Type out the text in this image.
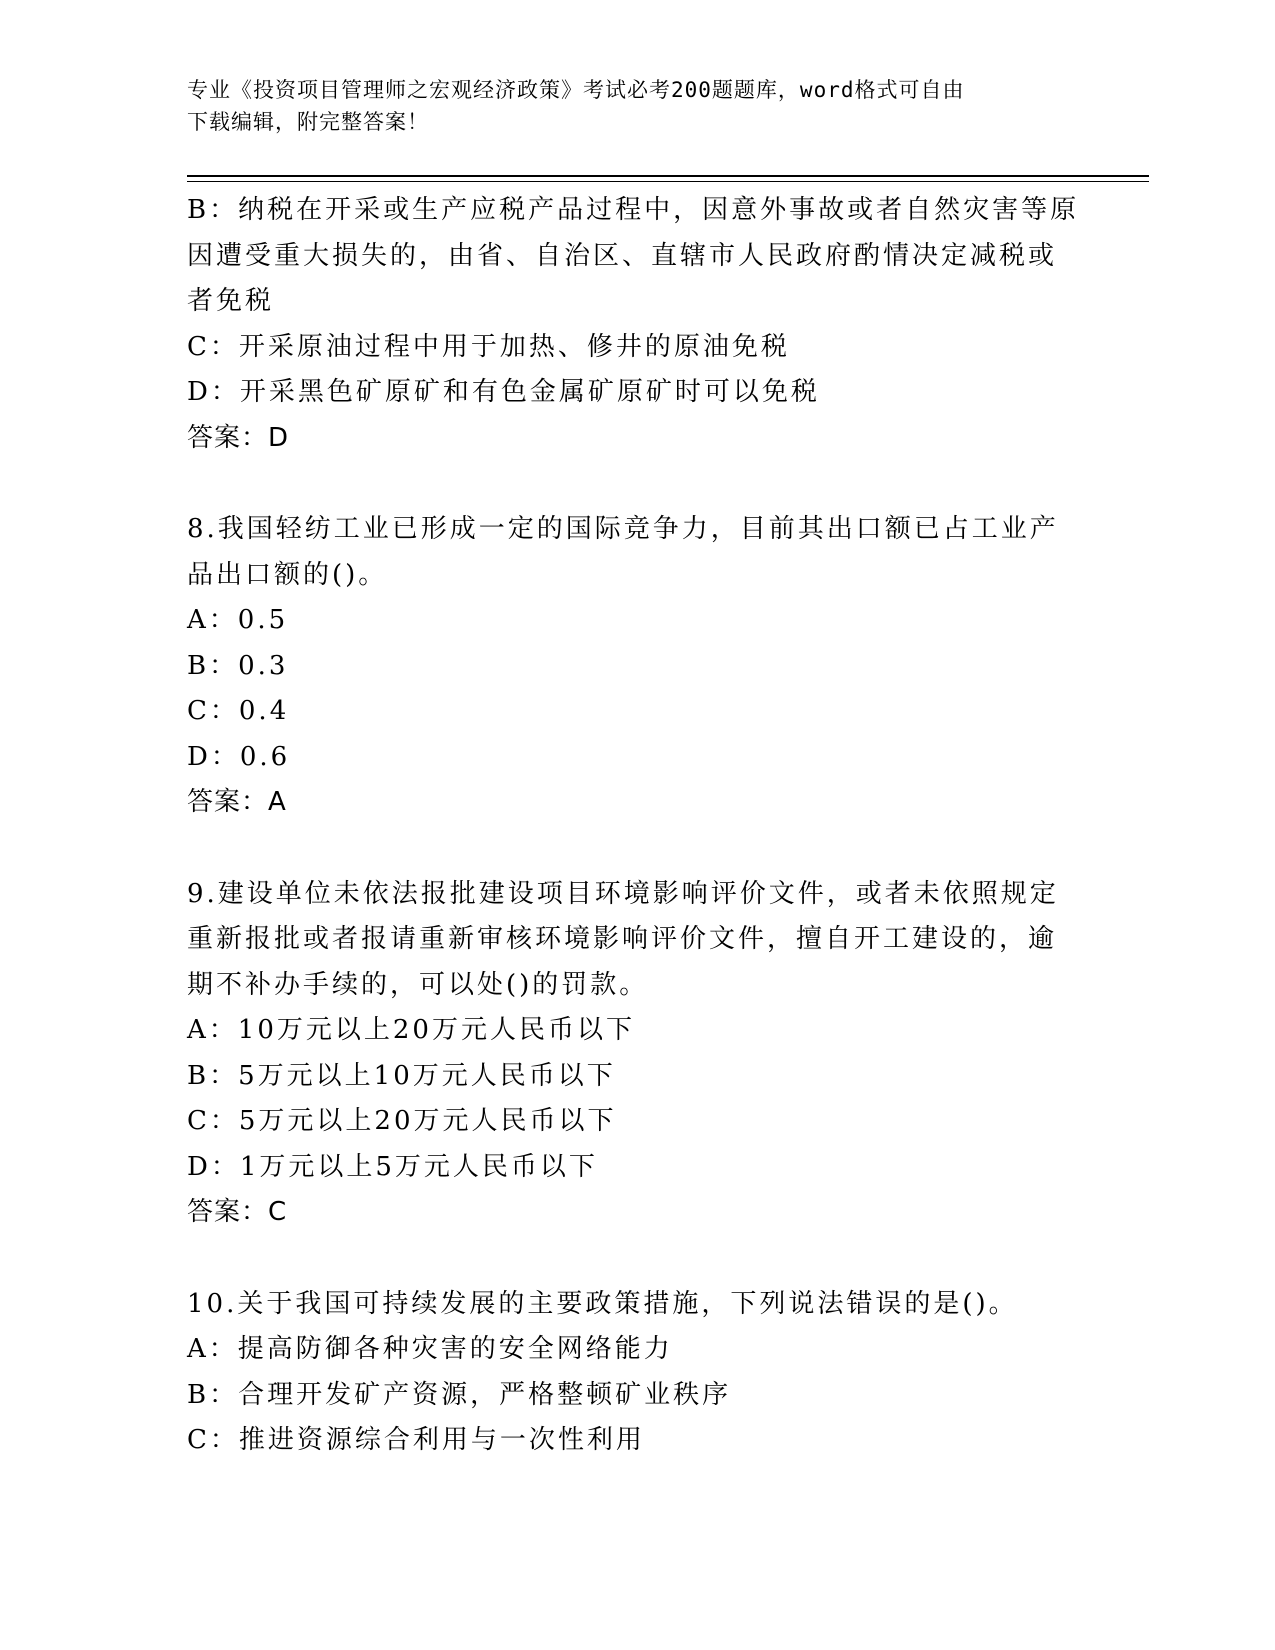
专业《投资项目管理师之宏观经济政策》考试必考200题题库，word格式可自由
下载编辑，附完整答案！
B：纳税在开采或生产应税产品过程中，因意外事故或者自然灾害等原
因遭受重大损失的，由省、自治区、直辖市人民政府酌情决定减税或
者免税
C：开采原油过程中用于加热、修井的原油免税
D：开采黑色矿原矿和有色金属矿原矿时可以免税
答案：D
8.我国轻纺工业已形成一定的国际竞争力，目前其出口额已占工业产
品出口额的()。
A：0.5
B：0.3
C：0.4
D：0.6
答案：A
9.建设单位未依法报批建设项目环境影响评价文件，或者未依照规定
重新报批或者报请重新审核环境影响评价文件，擅自开工建设的，逾
期不补办手续的，可以处()的罚款。
A：10万元以上20万元人民币以下
B：5万元以上10万元人民币以下
C：5万元以上20万元人民币以下
D：1万元以上5万元人民币以下
答案：C
10.关于我国可持续发展的主要政策措施，下列说法错误的是()。
A：提高防御各种灾害的安全网络能力
B：合理开发矿产资源，严格整顿矿业秩序
C：推进资源综合利用与一次性利用
